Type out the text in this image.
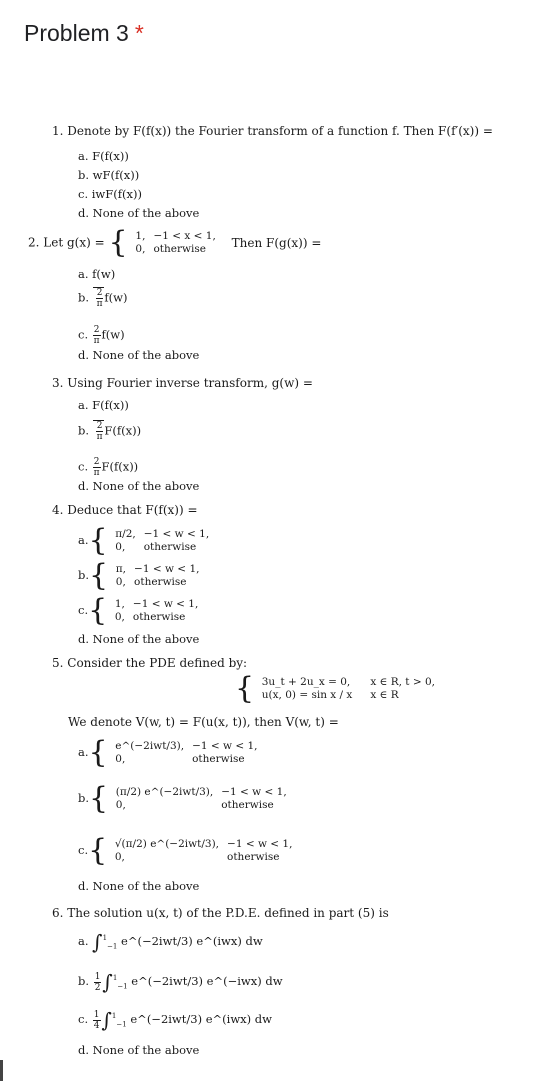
Problem 3 *
1. Denote by F(f(x)) the Fourier transform of a function f. Then F(f′(x)) =
a. F(f(x))
b. wF(f(x))
c. iwF(f(x))
d. None of the above
2. Let g(x) = { 1,	−1 < x < 1,
0,	otherwise Then F(g(x)) =
a. f(w)
b. $\frac{2}{\pi} f(w)$
c. $\frac{2}{\pi} f(w)$
d. None of the above
3. Using Fourier inverse transform, g(w) =
a. F(f(x))
b. $\frac{2}{\pi} F(f(x))$
c. $\frac{2}{\pi} F(f(x))$
d. None of the above
4. Deduce that F(f(x)) =
a.{ π/2,	−1 < w < 1,
0,	otherwise
b.{ π,	−1 < w < 1,
0,	otherwise
c.{ 1,	−1 < w < 1,
0,	otherwise
d. None of the above
5. Consider the PDE defined by:
{ 3u_t + 2u_x = 0,	x ∈ R, t > 0,
u(x, 0) = sin x / x	x ∈ R
We denote V(w, t) = F(u(x, t)), then V(w, t) =
a.{ e^(−2iwt/3),	−1 < w < 1,
0,	otherwise
b.{ (π/2) e^(−2iwt/3),	−1 < w < 1,
0,	otherwise
c.{ √(π/2) e^(−2iwt/3),	−1 < w < 1,
0,	otherwise
d. None of the above
6. The solution u(x, t) of the P.D.E. defined in part (5) is
a. ∫$^1_{-1}$ e^(−2iwt/3) e^(iwx) dw
b. $\frac{1}{2} \int^1_{-1}$ e^(−2iwt/3) e^(−iwx) dw
c. $\frac{1}{4} \int^1_{-1}$ e^(−2iwt/3) e^(iwx) dw
d. None of the above
